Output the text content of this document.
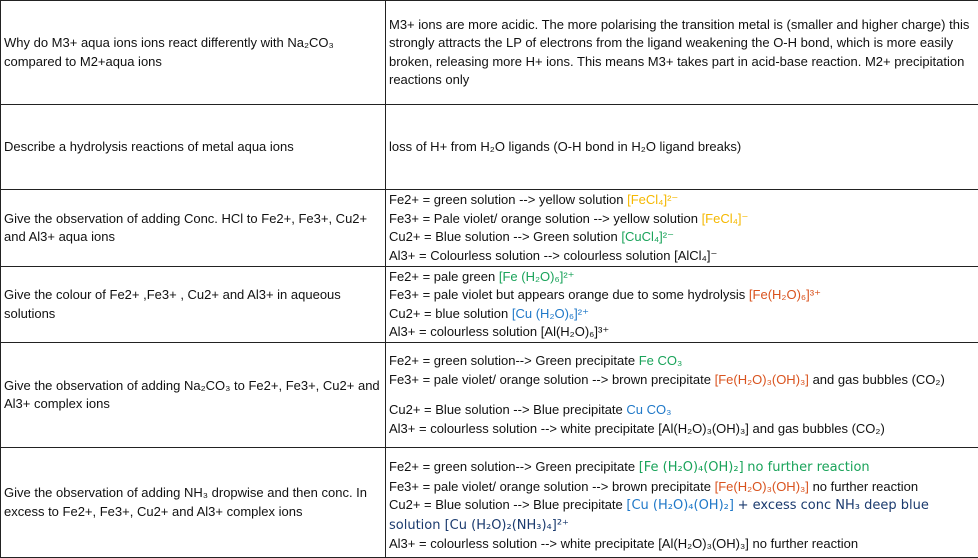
Why do M3+ aqua ions ions react differently with Na₂CO₃ compared to M2+aqua ions	M3+ ions are more acidic. The more polarising the transition metal is (smaller and higher charge) this strongly attracts the LP of electrons from the ligand weakening the O-H bond, which is more easily broken, releasing more H+ ions. This means M3+ takes part in acid-base reaction. M2+ precipitation reactions only
Describe a hydrolysis reactions of metal aqua ions	loss of H+ from H₂O ligands (O-H bond in H₂O ligand breaks)
Give the observation of adding Conc. HCl to Fe2+, Fe3+, Cu2+ and Al3+ aqua ions	Fe2+ = green solution --> yellow solution [FeCl₄]²⁻
Fe3+ = Pale violet/ orange solution --> yellow solution [FeCl₄]⁻
Cu2+ = Blue solution --> Green solution [CuCl₄]²⁻
Al3+ = Colourless solution --> colourless solution [AlCl₄]⁻

Give the colour of Fe2+ ,Fe3+ , Cu2+ and Al3+ in aqueous solutions	Fe2+ = pale green [Fe (H₂O)₆]²⁺
Fe3+ = pale violet but appears orange due to some hydrolysis [Fe(H₂O)₆]³⁺
Cu2+ = blue solution [Cu (H₂O)₆]²⁺
Al3+ = colourless solution [Al(H₂O)₆]³⁺

Give the observation of adding Na₂CO₃ to Fe2+, Fe3+, Cu2+ and Al3+ complex ions	Fe2+ = green solution--> Green precipitate Fe CO₃
Fe3+ = pale violet/ orange solution --> brown precipitate [Fe(H₂O)₃(OH)₃] and gas bubbles (CO₂)
Cu2+ = Blue solution --> Blue precipitate Cu CO₃
Al3+ = colourless solution --> white precipitate [Al(H₂O)₃(OH)₃] and gas bubbles (CO₂)

Give the observation of adding NH₃ dropwise and then conc. In excess to Fe2+, Fe3+, Cu2+ and Al3+ complex ions	Fe2+ = green solution--> Green precipitate [Fe (H₂O)₄(OH)₂] no further reaction
Fe3+ = pale violet/ orange solution --> brown precipitate [Fe(H₂O)₃(OH)₃] no further reaction
Cu2+ = Blue solution --> Blue precipitate [Cu (H₂O)₄(OH)₂] + excess conc NH₃ deep blue solution [Cu (H₂O)₂(NH₃)₄]²⁺
Al3+ = colourless solution --> white precipitate [Al(H₂O)₃(OH)₃] no further reaction
